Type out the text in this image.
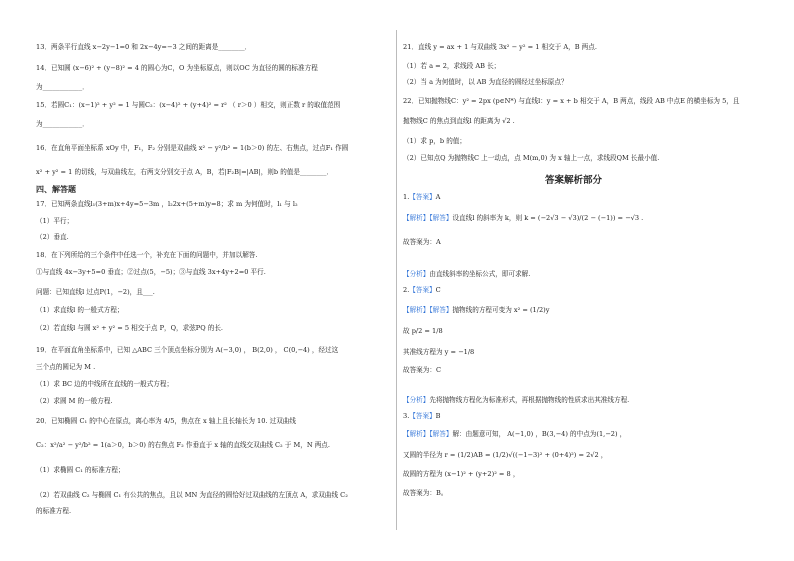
13．两条平行直线 x−2y−1=0 和 2x−4y=−3 之间的距离是________．
14．已知圆 (x−6)² + (y−8)² = 4 的圆心为C，O 为坐标原点，则以OC 为直径的圆的标准方程
为____________．
15．若圆C₁：(x−1)² + y² = 1 与圆C₂：(x−4)² + (y+4)² = r² （ r＞0 ）相交，则正数 r 的取值范围
为____________．
16．在直角平面坐标系 xOy 中，F₁，F₂ 分别是双曲线 x² − y²/b² = 1(b＞0) 的左、右焦点，过点F₁ 作圆
x² + y² = 1 的切线，与双曲线左，右两支分别交于点 A，B，若|F₂B|=|AB|，则b 的值是________．
四、解答题
17．已知两条直线l₁(3+m)x+4y=5−3m ，l₂2x+(5+m)y=8；求 m 为何值时，l₁ 与 l₂
（1）平行；
（2）垂直.
18．在下列所给的三个条件中任选一个，补充在下面的问题中，并加以解答.
①与直线 4x−3y+5=0 垂直；②过点(5，−5)；③与直线 3x+4y+2=0 平行.
问题：已知直线l 过点P(1，−2)，且___.
（1）求直线l 的一般式方程；
（2）若直线l 与圆 x² + y² = 5 相交于点 P，Q，求弦PQ 的长.
19．在平面直角坐标系中，已知 △ABC 三个顶点坐标分别为 A(−3,0) ， B(2,0) ， C(0,−4) ，经过这
三个点的圆记为 M .
（1）求 BC 边的中线所在直线的一般式方程；
（2）求圆 M 的一般方程.
20．已知椭圆 C₁ 的中心在原点，离心率为 4/5，焦点在 x 轴上且长轴长为 10. 过双曲线
C₂：x²/a² − y²/b² = 1(a＞0，b＞0) 的右焦点 F₂ 作垂直于 x 轴的直线交双曲线 C₂ 于 M，N 两点.
（1）求椭圆 C₁ 的标准方程；
（2）若双曲线 C₂ 与椭圆 C₁ 有公共的焦点，且以 MN 为直径的圆恰好过双曲线的左顶点 A，求双曲线 C₂
的标准方程.
21．直线 y = ax + 1 与双曲线 3x² − y² = 1 相交于 A，B 两点.
（1）若 a = 2，求线段 AB 长；
（2）当 a 为何值时，以 AB 为直径的圆经过坐标原点？
22．已知抛物线C：y² = 2px (p∈N*) 与直线l：y = x + b 相交于 A，B 两点，线段 AB 中点E 的横坐标为 5，且
抛物线C 的焦点到直线l 的距离为 √2 .
（1）求 p，b 的值；
（2）已知点Q 为抛物线C 上一动点，点 M(m,0) 为 x 轴上一点，求线段QM 长最小值.
答案解析部分
1.【答案】A
【解析】【解答】设直线l 的斜率为 k，则 k = (−2√3 − √3)/(2 − (−1)) = −√3 .
故答案为：A
【分析】由直线斜率的坐标公式，即可求解.
2.【答案】C
【解析】【解答】抛物线的方程可变为 x² = (1/2)y
故 p/2 = 1/8
其准线方程为 y = −1/8
故答案为：C
【分析】先将抛物线方程化为标准形式，再根据抛物线的性质求出其准线方程.
3.【答案】B
【解析】【解答】解：由题意可知， A(−1,0) ，B(3,−4) 的中点为(1,−2) ，
又圆的半径为 r = (1/2)AB = (1/2)√((−1−3)² + (0+4)²) = 2√2 ，
故圆的方程为 (x−1)² + (y+2)² = 8 ，
故答案为：B。
